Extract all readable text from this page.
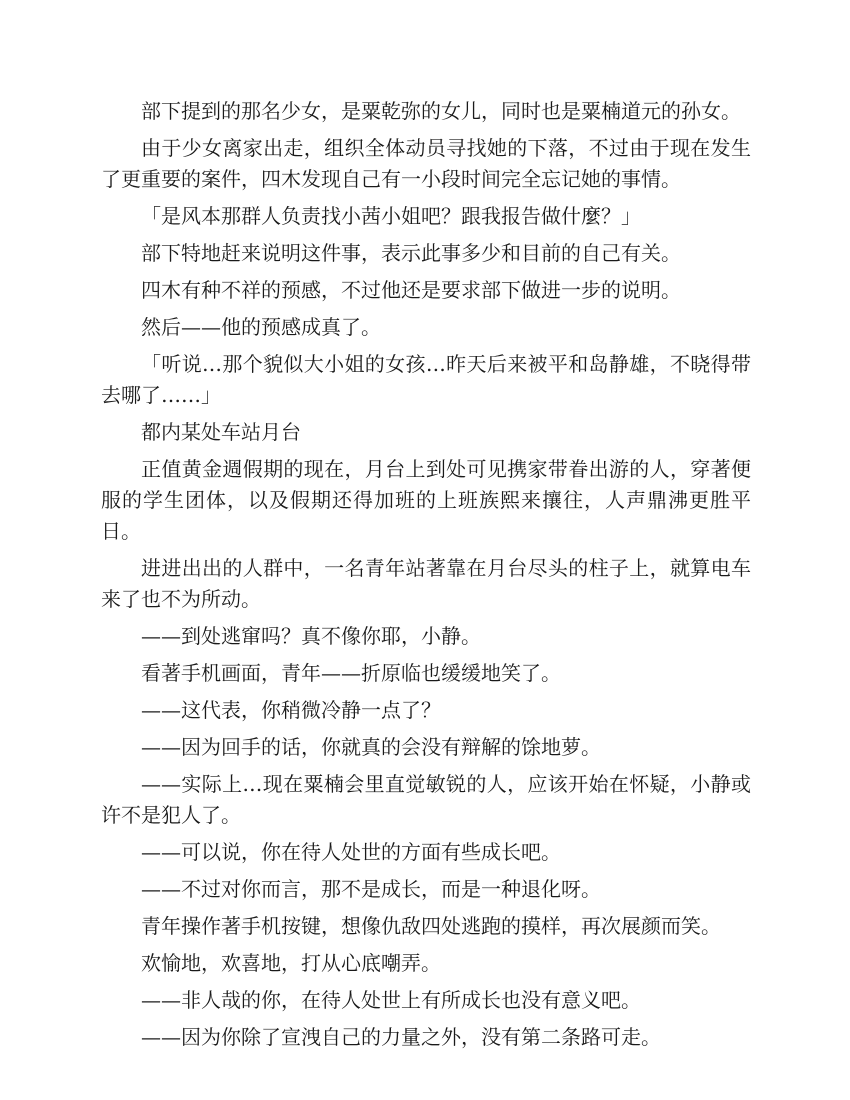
部下提到的那名少女，是粟乾弥的女儿，同时也是粟楠道元的孙女。

由于少女离家出走，组织全体动员寻找她的下落，不过由于现在发生了更重要的案件，四木发现自己有一小段时间完全忘记她的事情。

「是风本那群人负责找小茜小姐吧？跟我报告做什麼？」

部下特地赶来说明这件事，表示此事多少和目前的自己有关。

四木有种不祥的预感，不过他还是要求部下做进一步的说明。

然后——他的预感成真了。

「听说…那个貌似大小姐的女孩…昨天后来被平和岛静雄，不晓得带去哪了……」

都内某处车站月台

正值黄金週假期的现在，月台上到处可见携家带眷出游的人，穿著便服的学生团体，以及假期还得加班的上班族熙来攘往，人声鼎沸更胜平日。

进进出出的人群中，一名青年站著靠在月台尽头的柱子上，就算电车来了也不为所动。

——到处逃窜吗？真不像你耶，小静。

看著手机画面，青年——折原临也缓缓地笑了。

——这代表，你稍微冷静一点了？

——因为回手的话，你就真的会没有辩解的馀地萝。

——实际上…现在粟楠会里直觉敏锐的人，应该开始在怀疑，小静或许不是犯人了。

——可以说，你在待人处世的方面有些成长吧。

——不过对你而言，那不是成长，而是一种退化呀。

青年操作著手机按键，想像仇敌四处逃跑的摸样，再次展颜而笑。

欢愉地，欢喜地，打从心底嘲弄。

——非人哉的你，在待人处世上有所成长也没有意义吧。

——因为你除了宣洩自己的力量之外，没有第二条路可走。
